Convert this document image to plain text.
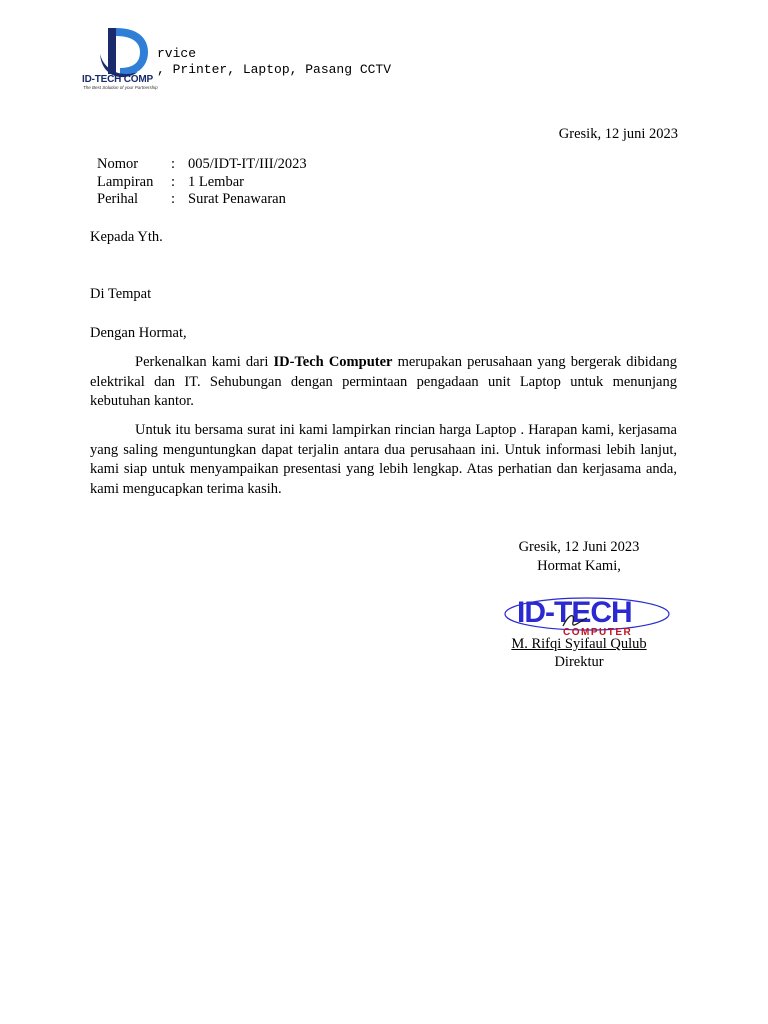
ID-TECH COMP
The Best Solution of your Partnership
rvice
, Printer, Laptop, Pasang CCTV
Gresik, 12 juni 2023
Nomor : 005/IDT-IT/III/2023
Lampiran : 1 Lembar
Perihal : Surat Penawaran
Kepada Yth.
Di Tempat
Dengan Hormat,

Perkenalkan kami dari ID-Tech Computer merupakan perusahaan yang bergerak dibidang elektrikal dan IT. Sehubungan dengan permintaan pengadaan unit Laptop untuk menunjang kebutuhan kantor.

Untuk itu bersama surat ini kami lampirkan rincian harga Laptop . Harapan kami, kerjasama yang saling menguntungkan dapat terjalin antara dua perusahaan ini. Untuk informasi lebih lanjut, kami siap untuk menyampaikan presentasi yang lebih lengkap. Atas perhatian dan kerjasama anda, kami mengucapkan terima kasih.

Gresik, 12 Juni 2023
Hormat Kami,
ID-TECH
COMPUTER
M. Rifqi Syifaul Qulub
Direktur
